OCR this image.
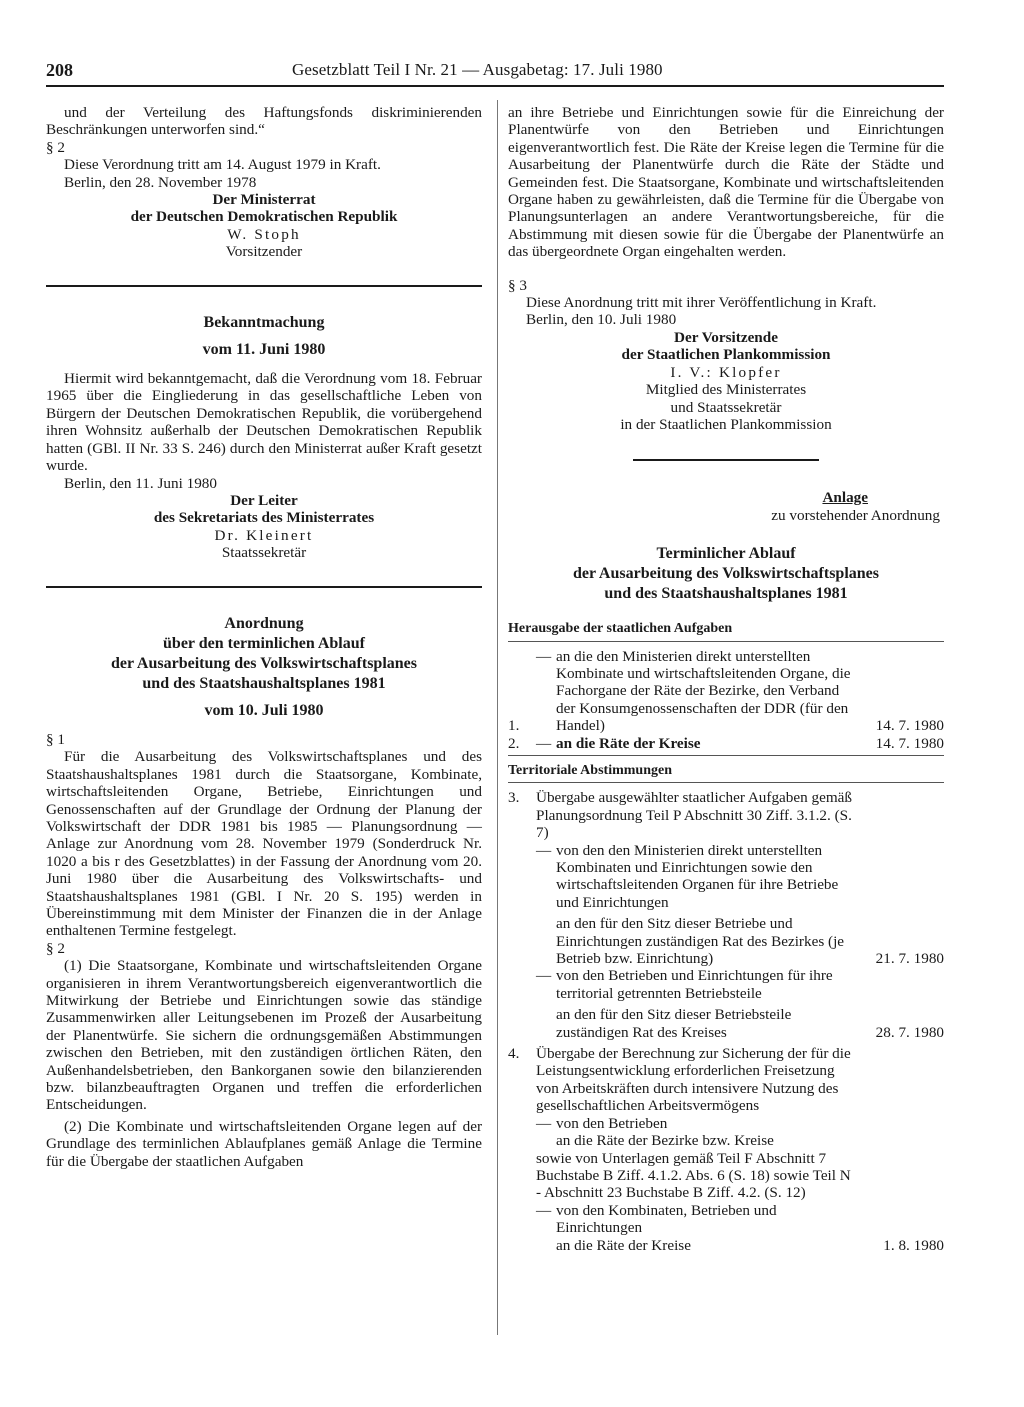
208	Gesetzblatt Teil I Nr. 21 — Ausgabetag: 17. Juli 1980

und der Verteilung des Haftungsfonds diskriminierenden Beschränkungen unterworfen sind.“

§ 2

Diese Verordnung tritt am 14. August 1979 in Kraft.

Berlin, den 28. November 1978

Der Ministerrat
der Deutschen Demokratischen Republik
W. Stoph
Vorsitzender
Bekanntmachung
vom 11. Juni 1980

Hiermit wird bekanntgemacht, daß die Verordnung vom 18. Februar 1965 über die Eingliederung in das gesellschaftliche Leben von Bürgern der Deutschen Demokratischen Republik, die vorübergehend ihren Wohnsitz außerhalb der Deutschen Demokratischen Republik hatten (GBl. II Nr. 33 S. 246) durch den Ministerrat außer Kraft gesetzt wurde.

Berlin, den 11. Juni 1980

Der Leiter
des Sekretariats des Ministerrates
Dr. Kleinert
Staatssekretär
Anordnung
über den terminlichen Ablauf
der Ausarbeitung des Volkswirtschaftsplanes
und des Staatshaushaltsplanes 1981
vom 10. Juli 1980

§ 1

Für die Ausarbeitung des Volkswirtschaftsplanes und des Staatshaushaltsplanes 1981 durch die Staatsorgane, Kombinate, wirtschaftsleitenden Organe, Betriebe, Einrichtungen und Genossenschaften auf der Grundlage der Ordnung der Planung der Volkswirtschaft der DDR 1981 bis 1985 — Planungsordnung — Anlage zur Anordnung vom 28. November 1979 (Sonderdruck Nr. 1020 a bis r des Gesetzblattes) in der Fassung der Anordnung vom 20. Juni 1980 über die Ausarbeitung des Volkswirtschafts- und Staatshaushaltsplanes 1981 (GBl. I Nr. 20 S. 195) werden in Übereinstimmung mit dem Minister der Finanzen die in der Anlage enthaltenen Termine festgelegt.

§ 2

(1) Die Staatsorgane, Kombinate und wirtschaftsleitenden Organe organisieren in ihrem Verantwortungsbereich eigenverantwortlich die Mitwirkung der Betriebe und Einrichtungen sowie das ständige Zusammenwirken aller Leitungsebenen im Prozeß der Ausarbeitung der Planentwürfe. Sie sichern die ordnungsgemäßen Abstimmungen zwischen den Betrieben, mit den zuständigen örtlichen Räten, den Außenhandelsbetrieben, den Bankorganen sowie den bilanzierenden bzw. bilanzbeauftragten Organen und treffen die erforderlichen Entscheidungen.

(2) Die Kombinate und wirtschaftsleitenden Organe legen auf der Grundlage des terminlichen Ablaufplanes gemäß Anlage die Termine für die Übergabe der staatlichen Aufgaben

an ihre Betriebe und Einrichtungen sowie für die Einreichung der Planentwürfe von den Betrieben und Einrichtungen eigenverantwortlich fest. Die Räte der Kreise legen die Termine für die Ausarbeitung der Planentwürfe durch die Räte der Städte und Gemeinden fest. Die Staatsorgane, Kombinate und wirtschaftsleitenden Organe haben zu gewährleisten, daß die Termine für die Übergabe von Planungsunterlagen an andere Verantwortungsbereiche, für die Abstimmung mit diesen sowie für die Übergabe der Planentwürfe an das übergeordnete Organ eingehalten werden.

§ 3

Diese Anordnung tritt mit ihrer Veröffentlichung in Kraft.

Berlin, den 10. Juli 1980

Der Vorsitzende
der Staatlichen Plankommission
I. V.: Klopfer
Mitglied des Ministerrates
und Staatssekretär
in der Staatlichen Plankommission
Anlage
zu vorstehender Anordnung
Terminlicher Ablauf
der Ausarbeitung des Volkswirtschaftsplanes
und des Staatshaushaltsplanes 1981
Herausgabe der staatlichen Aufgaben
1.
— an die den Ministerien direkt unterstellten Kombinate und wirtschaftsleitenden Organe, die Fachorgane der Räte der Bezirke, den Verband der Konsumgenossenschaften der DDR (für den Handel)	14. 7. 1980
2.	— an die Räte der Kreise	14. 7. 1980
Territoriale Abstimmungen
3.	Übergabe ausgewählter staatlicher Aufgaben gemäß Planungsordnung Teil P Abschnitt 30 Ziff. 3.1.2. (S. 7)
— von den den Ministerien direkt unterstellten Kombinaten und Einrichtungen sowie den wirtschaftsleitenden Organen für ihre Betriebe und Einrichtungen
an den für den Sitz dieser Betriebe und Einrichtungen zuständigen Rat des Bezirkes (je Betrieb bzw. Einrichtung)	21. 7. 1980
— von den Betrieben und Einrichtungen für ihre territorial getrennten Betriebsteile
an den für den Sitz dieser Betriebsteile zuständigen Rat des Kreises	28. 7. 1980
4.	Übergabe der Berechnung zur Sicherung der für die Leistungsentwicklung erforderlichen Freisetzung von Arbeitskräften durch intensivere Nutzung des gesellschaftlichen Arbeitsvermögens
— von den Betrieben
an die Räte der Bezirke bzw. Kreise
sowie von Unterlagen gemäß Teil F Abschnitt 7 Buchstabe B Ziff. 4.1.2. Abs. 6 (S. 18) sowie Teil N - Abschnitt 23 Buchstabe B Ziff. 4.2. (S. 12)
— von den Kombinaten, Betrieben und Einrichtungen
an die Räte der Kreise	1. 8. 1980
